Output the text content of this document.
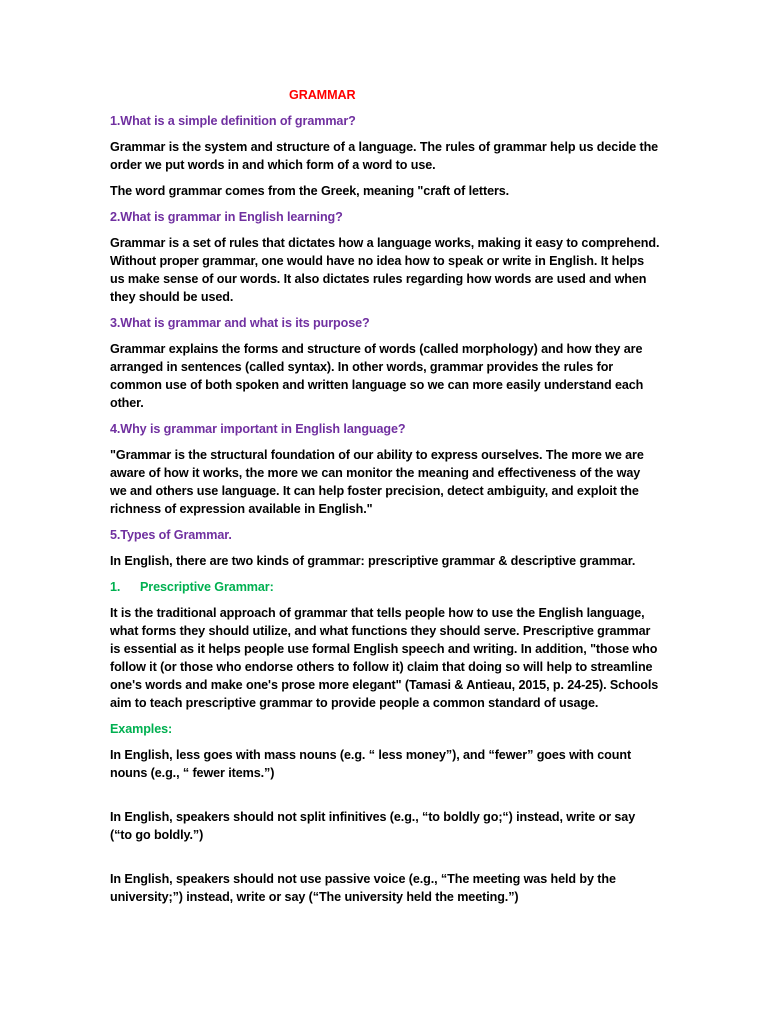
GRAMMAR
1.What is a simple definition of grammar?
Grammar is the system and structure of a language. The rules of grammar help us decide the order we put words in and which form of a word to use.
The word grammar comes from the Greek, meaning "craft of letters.
2.What is grammar in English learning?
Grammar is a set of rules that dictates how a language works, making it easy to comprehend. Without proper grammar, one would have no idea how to speak or write in English. It helps us make sense of our words. It also dictates rules regarding how words are used and when they should be used.
3.What is grammar and what is its purpose?
Grammar explains the forms and structure of words (called morphology) and how they are arranged in sentences (called syntax). In other words, grammar provides the rules for common use of both spoken and written language so we can more easily understand each other.
4.Why is grammar important in English language?
"Grammar is the structural foundation of our ability to express ourselves. The more we are aware of how it works, the more we can monitor the meaning and effectiveness of the way we and others use language. It can help foster precision, detect ambiguity, and exploit the richness of expression available in English."
5.Types of Grammar.
In English, there are two kinds of grammar: prescriptive grammar & descriptive grammar.
1. Prescriptive Grammar:
It is the traditional approach of grammar that tells people how to use the English language, what forms they should utilize, and what functions they should serve. Prescriptive grammar is essential as it helps people use formal English speech and writing. In addition, "those who follow it (or those who endorse others to follow it) claim that doing so will help to streamline one's words and make one's prose more elegant" (Tamasi & Antieau, 2015, p. 24-25). Schools aim to teach prescriptive grammar to provide people a common standard of usage.
Examples:
In English, less goes with mass nouns (e.g. “ less money”), and “fewer” goes with count nouns (e.g., “ fewer items.”)
In English, speakers should not split infinitives (e.g., “to boldly go;“) instead, write or say (“to go boldly.”)
In English, speakers should not use passive voice (e.g., “The meeting was held by the university;”) instead, write or say (“The university held the meeting.”)
